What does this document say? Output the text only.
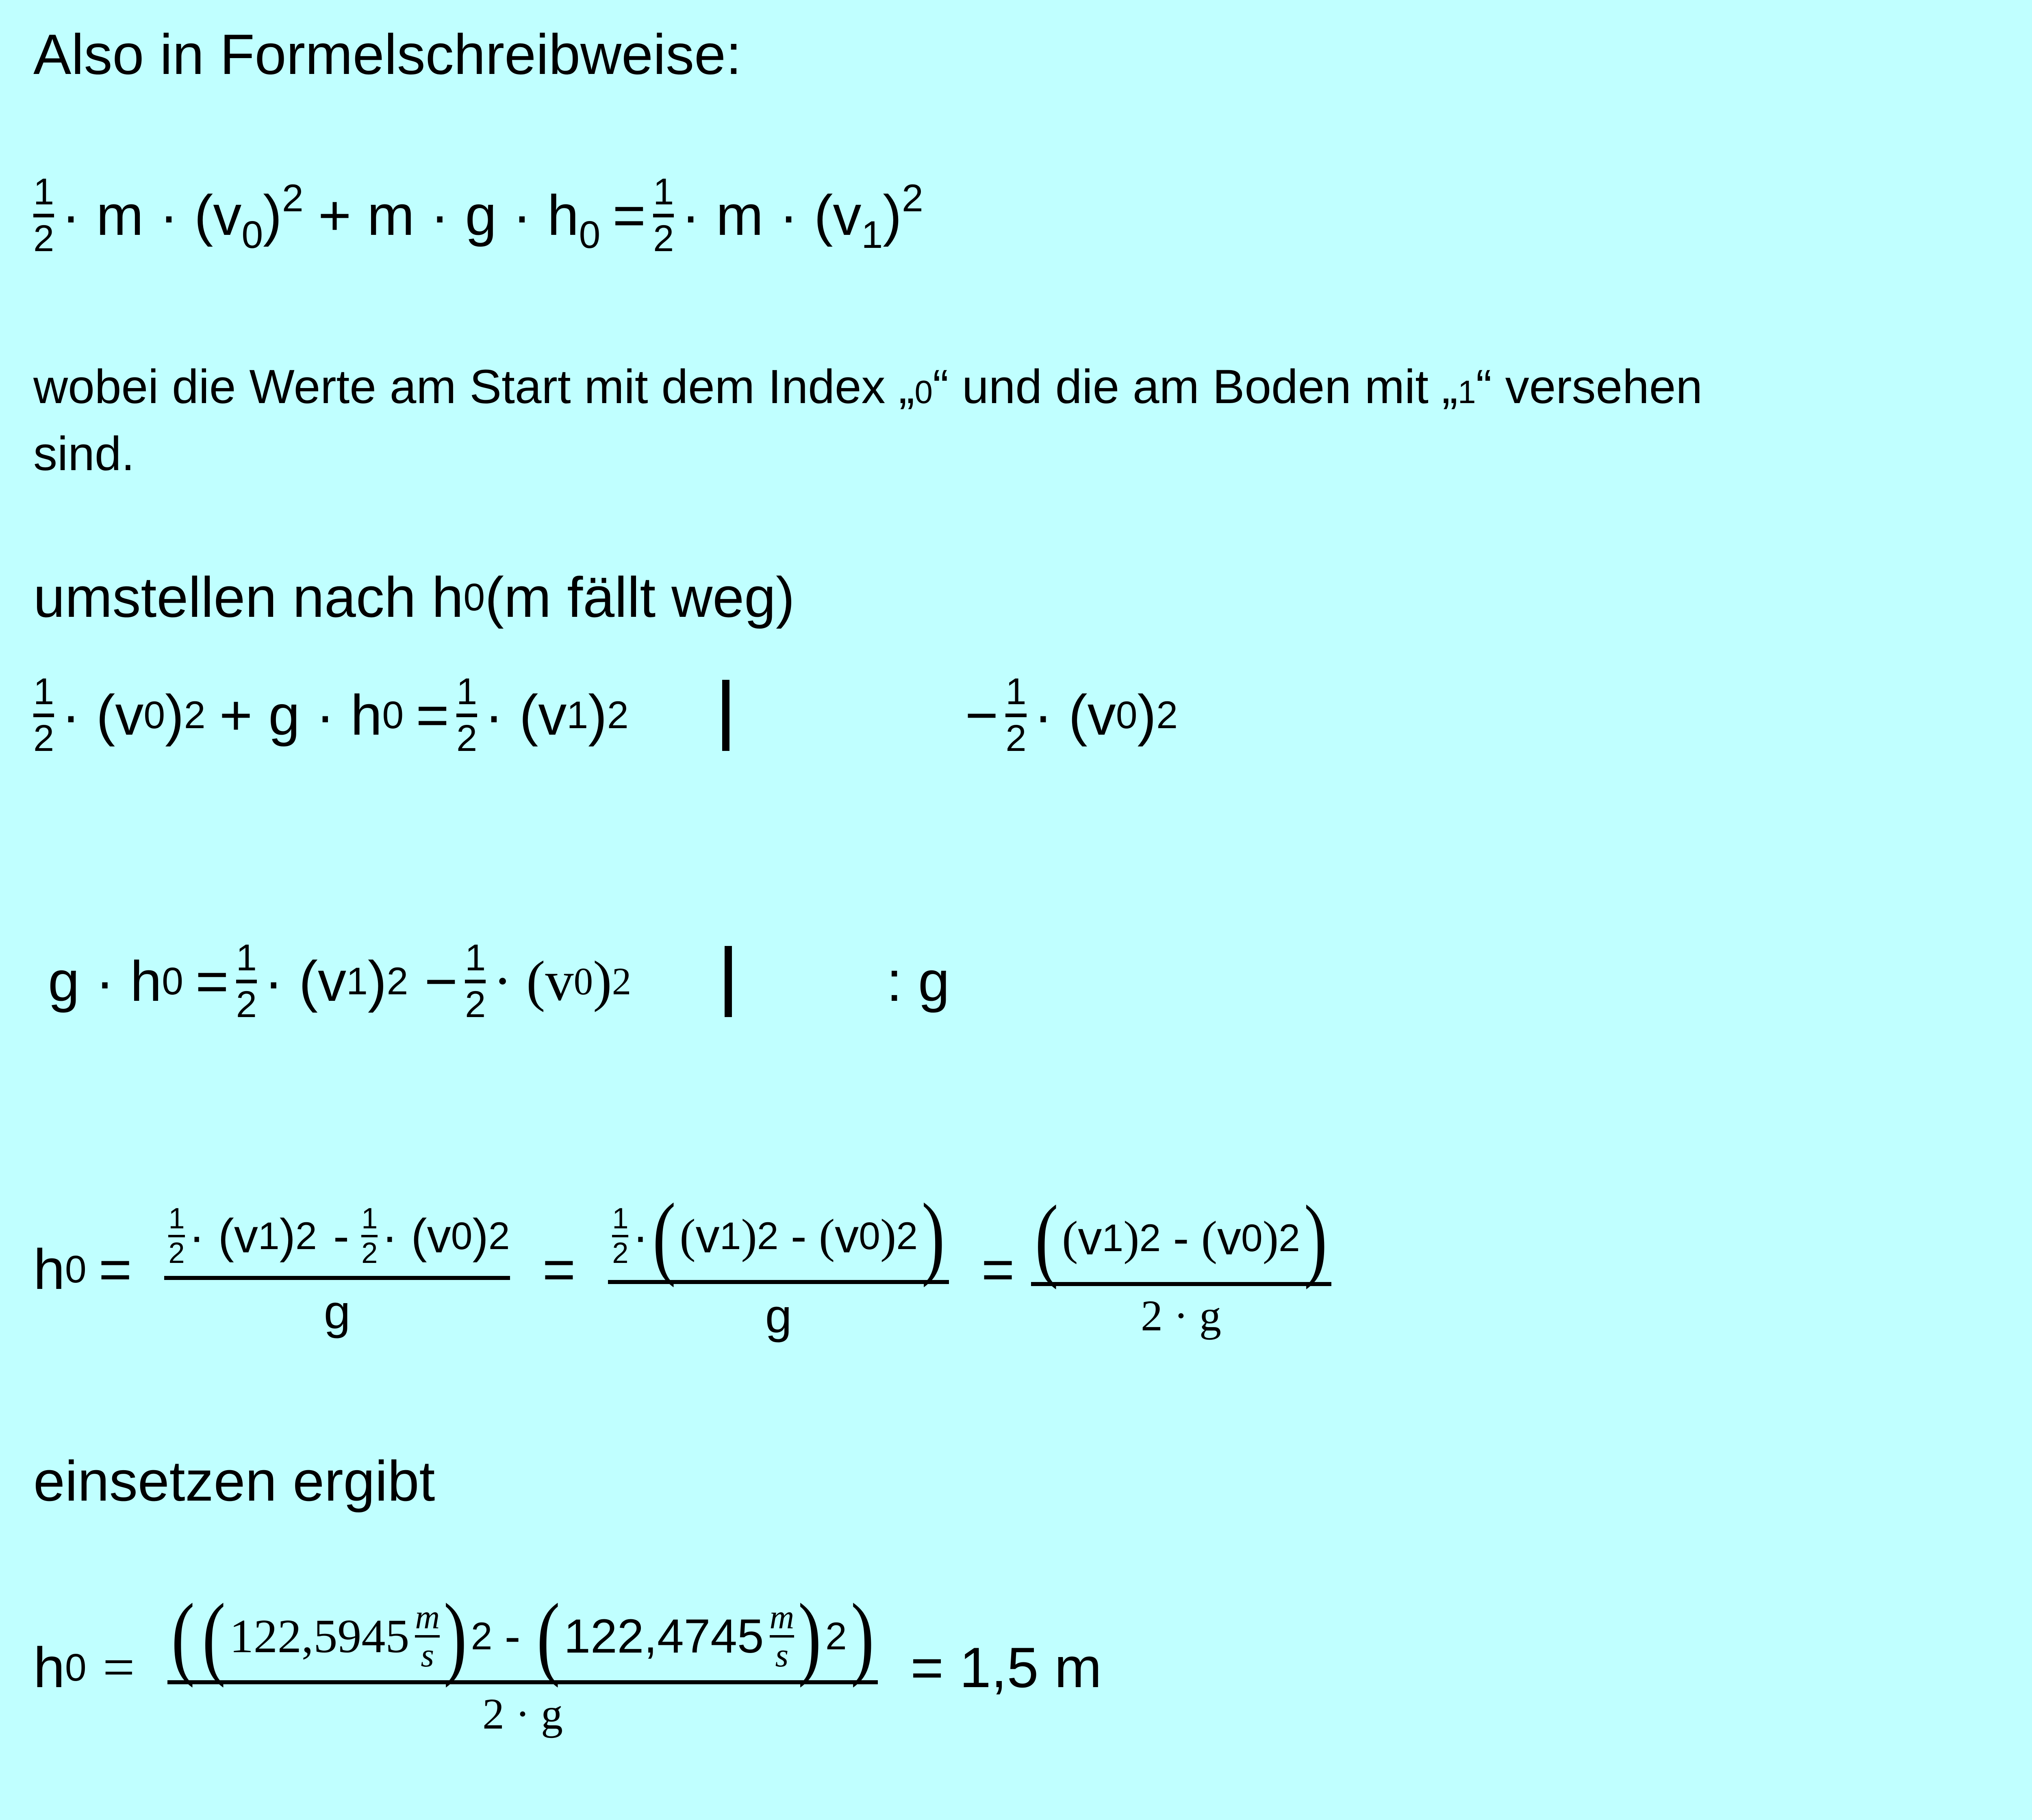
Also in Formelschreibweise:
1
$2 \cdot m \cdot (v_0)^2 + m \cdot g \cdot h_0 = 1$
$2 \cdot m \cdot (v_1)^2$
wobei die Werte am Start mit dem Index „0“ und die am Boden mit „1“ versehen
sind.
umstellen nach h 0 (m fällt weg)
1
2 · (v 0 ) 2 + g · h 0 = 1
2 · (v 1 ) 2	− 1
2 · (v 0 ) 2
g · h 0 = 1
2 · (v 1 ) 2 − 1
2 · (v 0 ) 2	: g
h 0 =
1
2 · (v 1 ) 2 - 1
2 · (v 0 ) 2
g
=
1
2 · ( ( v 1 ) 2 - ( v 0 ) 2 )
g
= ( ( v 1 ) 2 - ( v 0 ) 2 )
2 · g
einsetzen ergibt
h 0 = ( ( 122,5945 m
s ) 2 - ( 122,4745 m
s ) 2 )
2 · g
= 1,5 m
